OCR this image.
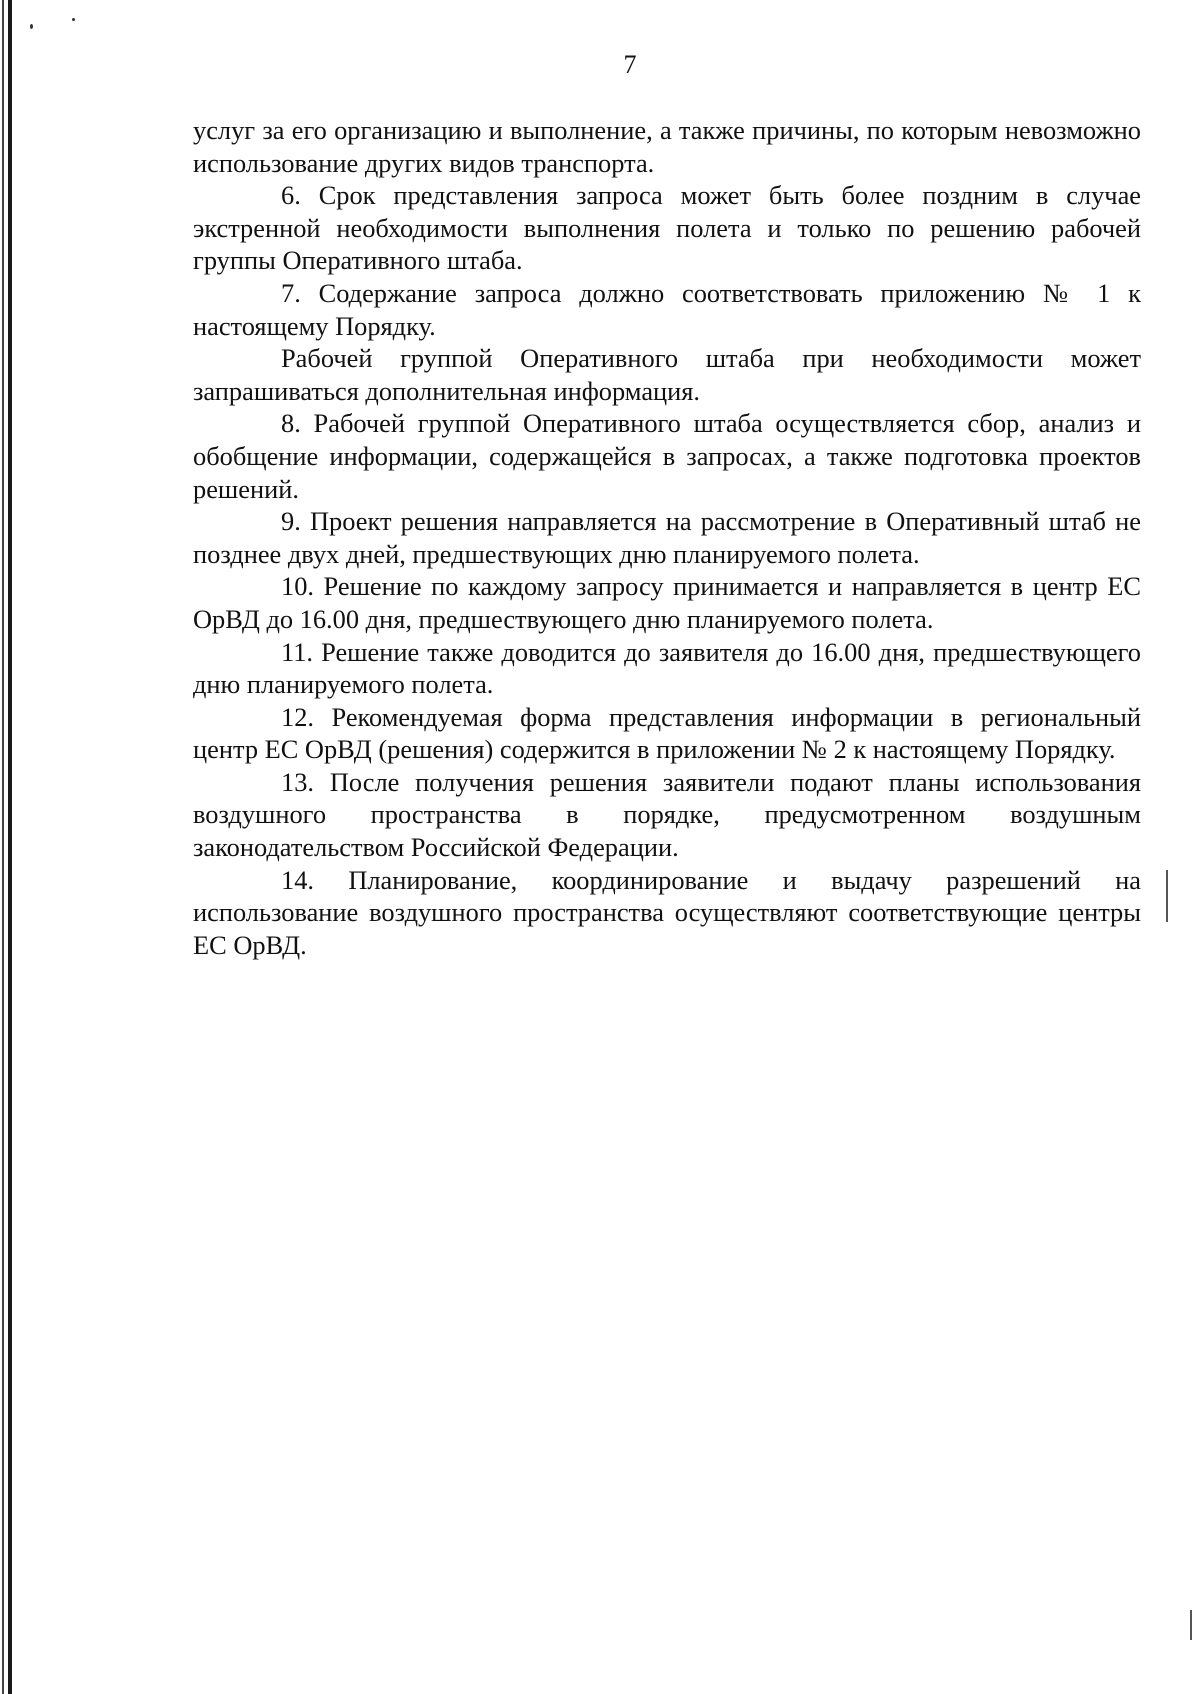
7

услуг за его организацию и выполнение, а также причины, по которым невозможно использование других видов транспорта.

6. Срок представления запроса может быть более поздним в случае экстренной необходимости выполнения полета и только по решению рабочей группы Оперативного штаба.

7. Содержание запроса должно соответствовать приложению № 1 к настоящему Порядку.

Рабочей группой Оперативного штаба при необходимости может запрашиваться дополнительная информация.

8. Рабочей группой Оперативного штаба осуществляется сбор, анализ и обобщение информации, содержащейся в запросах, а также подготовка проектов решений.

9. Проект решения направляется на рассмотрение в Оперативный штаб не позднее двух дней, предшествующих дню планируемого полета.

10. Решение по каждому запросу принимается и направляется в центр ЕС ОрВД до 16.00 дня, предшествующего дню планируемого полета.

11. Решение также доводится до заявителя до 16.00 дня, предшествующего дню планируемого полета.

12. Рекомендуемая форма представления информации в региональный центр ЕС ОрВД (решения) содержится в приложении № 2 к настоящему Порядку.

13. После получения решения заявители подают планы использования воздушного пространства в порядке, предусмотренном воздушным законодательством Российской Федерации.

14. Планирование, координирование и выдачу разрешений на использование воздушного пространства осуществляют соответствующие центры ЕС ОрВД.
